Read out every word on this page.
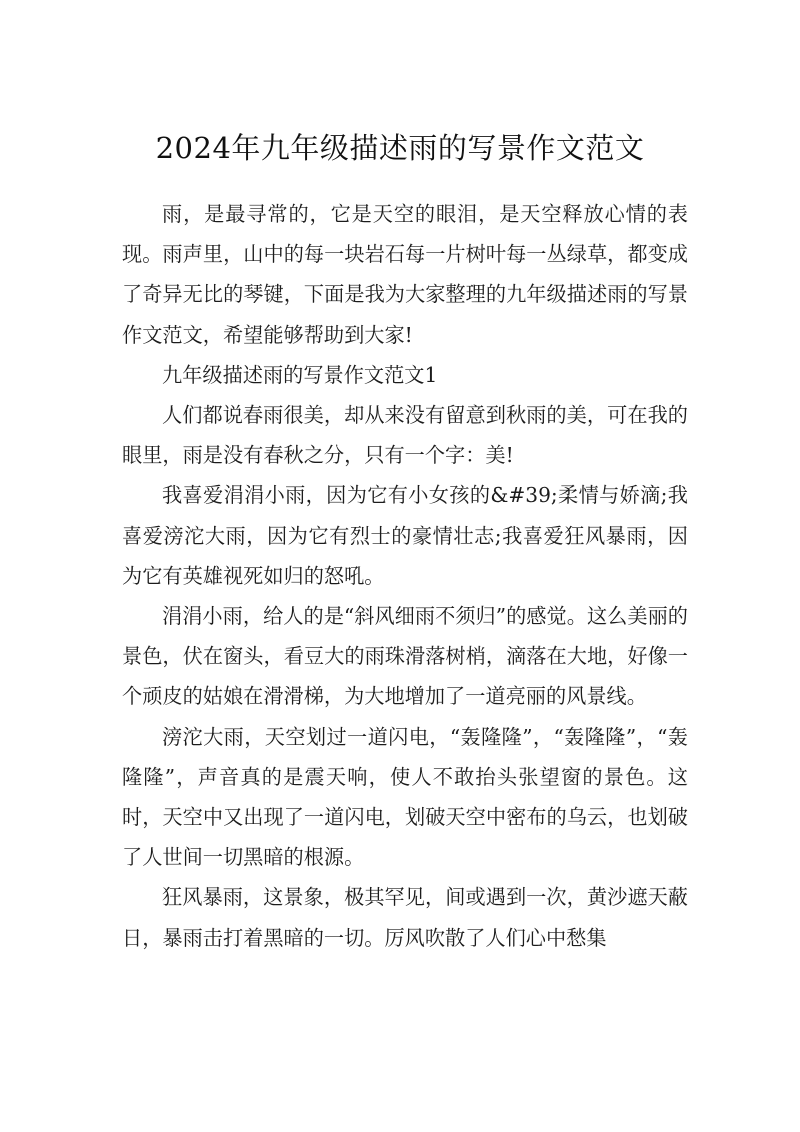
2024年九年级描述雨的写景作文范文

雨，是最寻常的，它是天空的眼泪，是天空释放心情的表现。雨声里，山中的每一块岩石每一片树叶每一丛绿草，都变成了奇异无比的琴键，下面是我为大家整理的九年级描述雨的写景作文范文，希望能够帮助到大家!

九年级描述雨的写景作文范文1

人们都说春雨很美，却从来没有留意到秋雨的美，可在我的眼里，雨是没有春秋之分，只有一个字：美!

我喜爱涓涓小雨，因为它有小女孩的&#39;柔情与娇滴;我喜爱滂沱大雨，因为它有烈士的豪情壮志;我喜爱狂风暴雨，因为它有英雄视死如归的怒吼。

涓涓小雨，给人的是“斜风细雨不须归”的感觉。这么美丽的景色，伏在窗头，看豆大的雨珠滑落树梢，滴落在大地，好像一个顽皮的姑娘在滑滑梯，为大地增加了一道亮丽的风景线。

滂沱大雨，天空划过一道闪电，“轰隆隆”，“轰隆隆”，“轰隆隆”，声音真的是震天响，使人不敢抬头张望窗的景色。这时，天空中又出现了一道闪电，划破天空中密布的乌云，也划破了人世间一切黑暗的根源。

狂风暴雨，这景象，极其罕见，间或遇到一次，黄沙遮天蔽日，暴雨击打着黑暗的一切。厉风吹散了人们心中愁集
